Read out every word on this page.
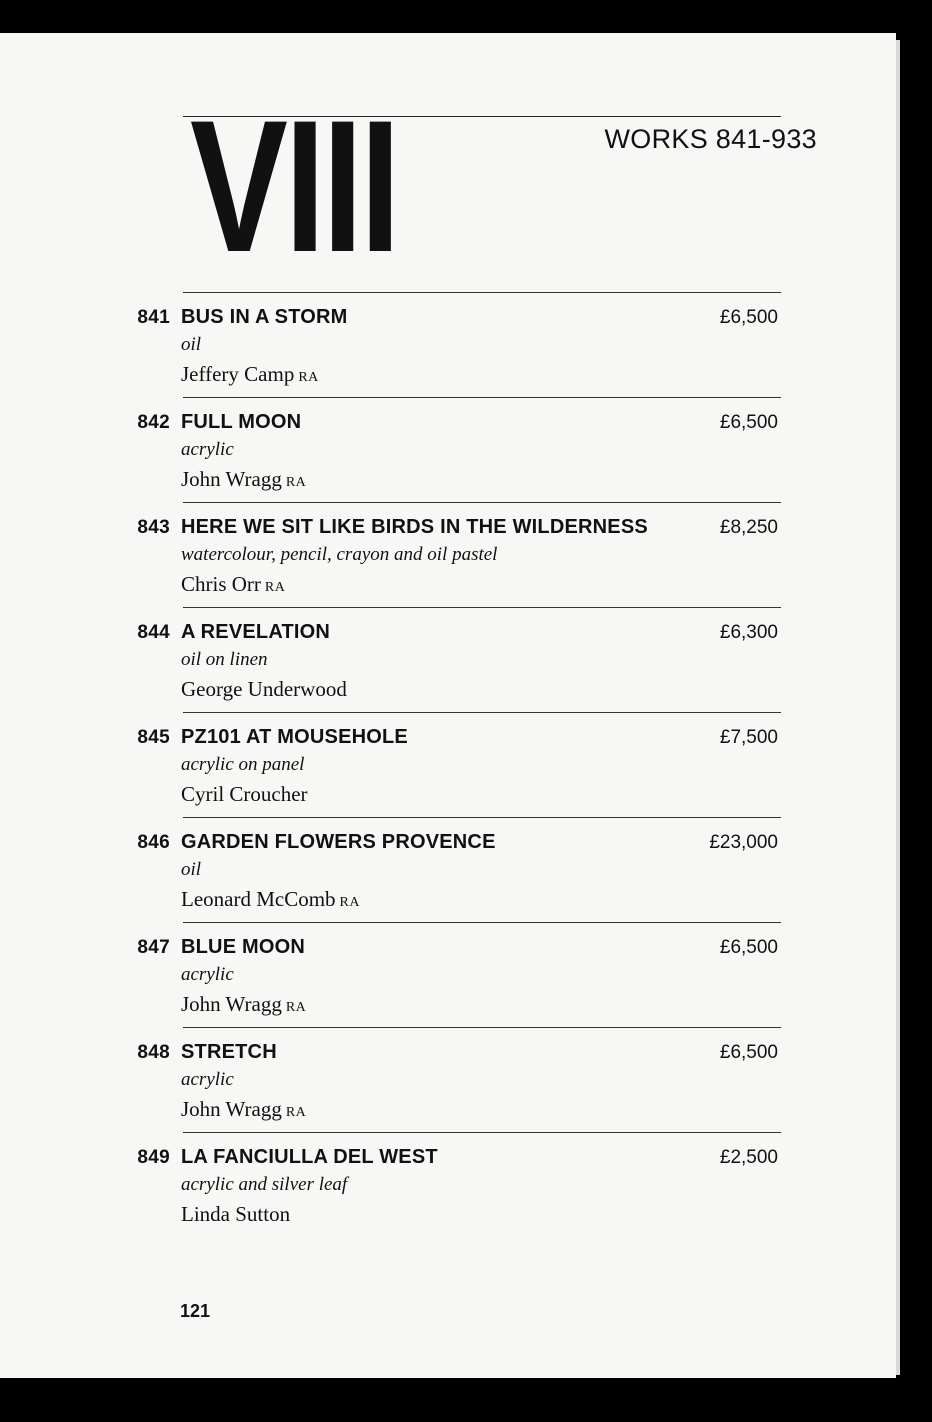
VIII	WORKS 841-933
841 BUS IN A STORM	£6,500
oil
Jeffery Camp RA
842 FULL MOON	£6,500
acrylic
John Wragg RA
843 HERE WE SIT LIKE BIRDS IN THE WILDERNESS	£8,250
watercolour, pencil, crayon and oil pastel
Chris Orr RA
844 A REVELATION	£6,300
oil on linen
George Underwood
845 PZ101 AT MOUSEHOLE	£7,500
acrylic on panel
Cyril Croucher
846 GARDEN FLOWERS PROVENCE	£23,000
oil
Leonard McComb RA
847 BLUE MOON	£6,500
acrylic
John Wragg RA
848 STRETCH	£6,500
acrylic
John Wragg RA
849 LA FANCIULLA DEL WEST	£2,500
acrylic and silver leaf
Linda Sutton
121
